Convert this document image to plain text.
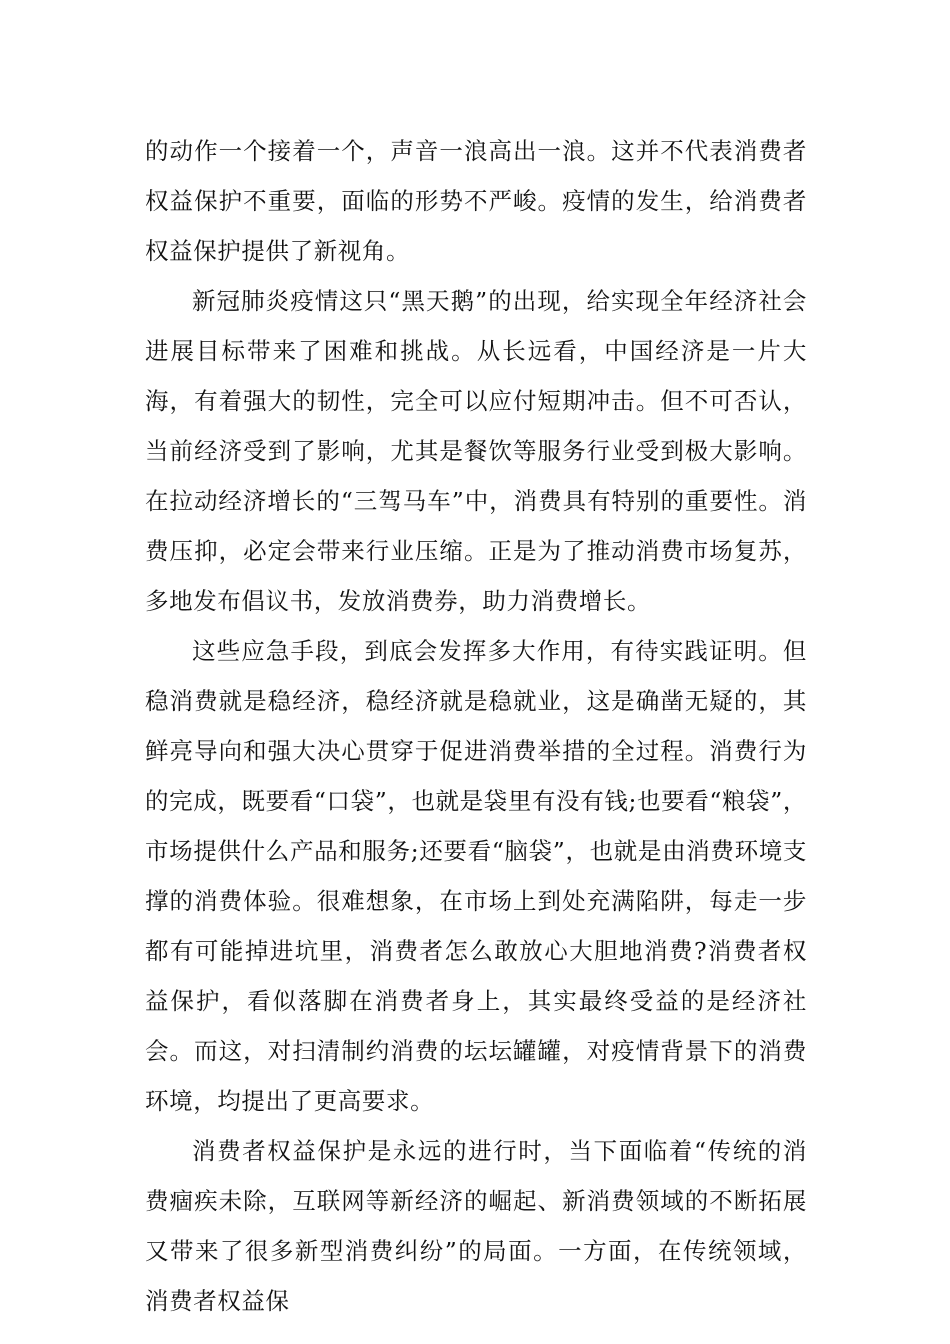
的动作一个接着一个，声音一浪高出一浪。这并不代表消费者权益保护不重要，面临的形势不严峻。疫情的发生，给消费者权益保护提供了新视角。

新冠肺炎疫情这只“黑天鹅”的出现，给实现全年经济社会进展目标带来了困难和挑战。从长远看，中国经济是一片大海，有着强大的韧性，完全可以应付短期冲击。但不可否认，当前经济受到了影响，尤其是餐饮等服务行业受到极大影响。在拉动经济增长的“三驾马车”中，消费具有特别的重要性。消费压抑，必定会带来行业压缩。正是为了推动消费市场复苏，多地发布倡议书，发放消费券，助力消费增长。

这些应急手段，到底会发挥多大作用，有待实践证明。但稳消费就是稳经济，稳经济就是稳就业，这是确凿无疑的，其鲜亮导向和强大决心贯穿于促进消费举措的全过程。消费行为的完成，既要看“口袋”，也就是袋里有没有钱;也要看“粮袋”，市场提供什么产品和服务;还要看“脑袋”，也就是由消费环境支撑的消费体验。很难想象，在市场上到处充满陷阱，每走一步都有可能掉进坑里，消费者怎么敢放心大胆地消费?消费者权益保护，看似落脚在消费者身上，其实最终受益的是经济社会。而这，对扫清制约消费的坛坛罐罐，对疫情背景下的消费环境，均提出了更高要求。

消费者权益保护是永远的进行时，当下面临着“传统的消费痼疾未除，互联网等新经济的崛起、新消费领域的不断拓展又带来了很多新型消费纠纷”的局面。一方面，在传统领域，消费者权益保
